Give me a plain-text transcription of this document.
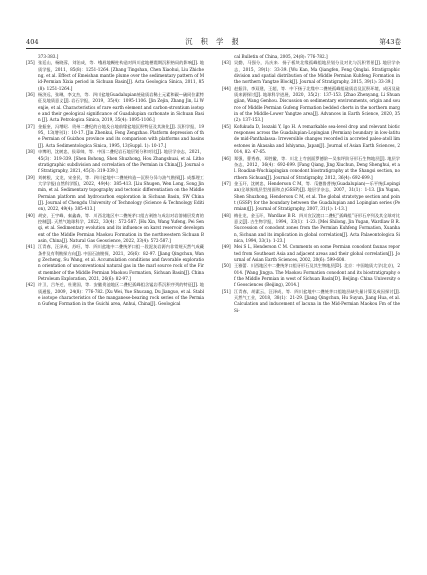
404	沉 积 学 报	第43卷

373-383.]

[35] 张廷山，杨晓蓉，刘治成，等．峨眉地幔柱构造对四川盆地栖霞期沉积格局的影响[J]. 地质学报，2011，85(8)：1251-1264. [Zhang Tingshan, Chen Xiaohui, Liu Zhicheng, et al. Effect of Emeishan mantle plume over the sedimentary pattern of Mid-Permian Xixia period in Sichuan Basin[J]. Acta Geologica Sinica, 2011, 85(8): 1251-1264.]
[36] 杨济远，张琳，李文杰，等．四川盆地Guadalupian统硅质岩稀土元素和碳—硫同位素特征及地质意义[J]. 岩石学报，2019，35(4)：1095-1106. [Jin Zejin, Zhang Jin, Li Wenjie, et al. Characteristics of rare earth element and carbon-strontium isotope and their geological significance of Guadalupian carbonate in Sichuan Basin [J]. Acta Petrologica Sinica, 2019, 35(4): 1095-1106.]
[37] 金振奎，冯增昭．贵州二叠纪的台地及台地前缘盆地沉积特征及其演化[J]. 沉积学报，1995，13(增刊1)：10-17. [Jin Zhenkui, Feng Zengzhao. Platform depression of the Permian of Guizhou province and its comparison with platforms and basins[J]. Acta Sedimentologica Sinica, 1995, 13(Suppl. 1): 10-17.]
[38] 申博明，沈树忠，侯章帅，等．中国二叠纪岩石地层划分和对比[J]. 地层学杂志，2021，45(3)：319-339. [Shen Bohong, Shen Shuzhong, Hou Zhangshuai, et al. Lithostratigraphic subdivision and correlation of the Permian in China[J]. Journal of Stratigraphy, 2021, 45(3): 319-339.]
[39] 刘树根，文龙，宋金民，等．四川盆地中二叠统构造—沉积分异与油气勘探[J]. 成都理工大学学报(自然科学版)，2022，49(4)：385-413. [Liu Shugen, Wen Long, Song Jinmin, et al. Sedimentary topography and tectonic differentiation on the Middle Permian platform and hydrocarbon exploration in Sichuan Basin, SW China[J]. Journal of Chengdu University of Technology (Science & Technology Edition), 2022, 49(4): 385-413.]
[40] 胡安，王宇峰，秦鑫森，等．川西北地区中二叠统茅口组古剥蚀与成岩对岩溶储层发育的控制[J]. 天然气地球科学，2022，33(4)：572-587. [Hu Xin, Wang Yufeng, Pei Senqi, et al. Sedimentary evolution and its influence on karst reservoir development of the Middle Permian Maokou Formation in the northwestern Sichuan Basin, China[J]. Natural Gas Geoscience, 2022, 33(4): 572-587.]
[41] 江青春，汪泽成，苏旺，等．四川盆地中二叠统茅口组一段泥灰岩源内非常规天然气成藏条件及有利勘探方向[J]. 中国石油勘探，2021，26(6)：82-97. [Jiang Qingchun, Wang Zecheng, Su Wang, et al. Accumulation conditions and favorable exploration orientation of unconventional natural gas in the marl source rock of the First member of the Middle Permian Maokou Formation, Sichuan Basin[J]. China Petroleum Exploration, 2021, 26(6): 82-97.]
[42] 许卫，吕冬迁，杜建国，等．安徽贵池地区二叠纪孤峰组含锰岩系沉积序列的特征[J]. 地质通报，2009，24(8)：776-782. [Xu Wei, Yue Shucang, Du Jianguo, et al. Stable isotope characteristics of the manganese-bearing rock series of the Permian Gufeng Formation in the Guichi area, Anhui, China[J]. Geological

cal Bulletin of China, 2005, 24(8): 776-782.]

[43] 吴勤，马强分，冯庆来．扬子板块北缘孤峰组地层划分及对比与沉积背景[J]. 地层学杂志，2015，39(1)：33-39. [Wu Kan, Ma Qiangfen, Feng Qinglai. Stratigraphic division and spatial distribution of the Middle Permian Kuhfeng Formation in the northern Yangtze Block[J]. Journal of Stratigraphy, 2015, 39(1): 33-39.]
[44] 赵振洋，李双建，王超，等．中下扬子北缘中二叠统孤峰组硅质岩及沉积环境，成因及硅质来源探讨[J]. 地球科学进展，2020，35(2)：137-153. [Zhao Zhenyang, Li Shuangjian, Wang Genhou. Discussion on sedimentary environments, origin and source of Middle Permian Gufeng Formation bedded cherts in the northern margin of the Middle-Lower Yangtze area[J]. Advances in Earth Science, 2020, 35(2): 137-153.]
[45] Kofukuda D, Isozaki Y, Igo H. A remarkable sea-level drop and relevant biotic responses across the Guadalupian-Lopingian (Permian) boundary in low-latitude mid-Panthalassa: Irreversible changes recorded in accreted paleo-atoll limestones in Akasaka and Ishiyama, Japan[J]. Journal of Asian Earth Sciences, 2014, 82: 47-65.
[46] 郑强，曹秀春，邓胜徽，等．川北上寺剖面罗德阶—吴家坪阶牙形石生物地层[J]. 地层学杂志，2012，36(4)：692-699. [Fang Qiang, Jing Xiuchun, Deng Shenghui, et al. Roadian-Wuchiapingian conodont biostratigraphy at the Shangsi section, northern Sichuan[J]. Journal of Stratigraphy, 2012, 36(4): 692-699.]
[47] 金玉玕，沈树忠，Henderson C M，等．瓜德鲁普统(Guadalupian)—乐平统(Lopingian)全球界线层型剖面和点(GSSP)[J]. 地层学杂志，2007，31(1)：1-13. [Jin Yugan, Shen Shuzhong, Henderson C M, et al. The global stratotype section and point (GSSP) for the boundary between the Guadalupian and Lopingian series (Permian)[J]. Journal of Stratigraphy, 2007, 31(1): 1-13.]
[48] 梅仕龙，金玉玕，Wardlaw B R．四川宣汉渡口二叠纪“孤峰组”牙形石序列及其全球对比意义[J]. 古生物学报，1994，33(1)：1-23. [Mei Shilong, Jin Yugan, Wardlaw B R. Succession of conodont zones from the Permian Kuhfeng Formation, Xuanhan, Sichuan and its implication in global correlation[J]. Acta Palaeontologica Sinica, 1994, 33(1): 1-23.]
[49] Mei S L, Henderson C M. Comments on some Permian conodont faunas reported from Southeast Asia and adjacent areas and their global correlation[J]. Journal of Asian Earth Sciences, 2002, 20(6): 599-608.
[50] 王雅蕾．川西地区中二叠统茅口组牙形石及其生物地层[D]. 北京：中国地质大学(北京)，2014. [Wang Jingya. The Maokou Formation conodont and its biostratigraphy of the Middle Permian in west of Sichuan Basin[D]. Beijing: China University of Geosciences (Beijing), 2014.]
[51] 江青春，胡素云，汪泽成，等．四川盆地中二叠统茅口组地层缺失量计算及成因探讨[J]. 天然气工业，2018，38(1)：21-29. [Jiang Qingchun, Hu Suyun, Jiang Hua, et al. Calculation and inducement of lacuna in the Mid-Permian Maokou Fm of the Si-
